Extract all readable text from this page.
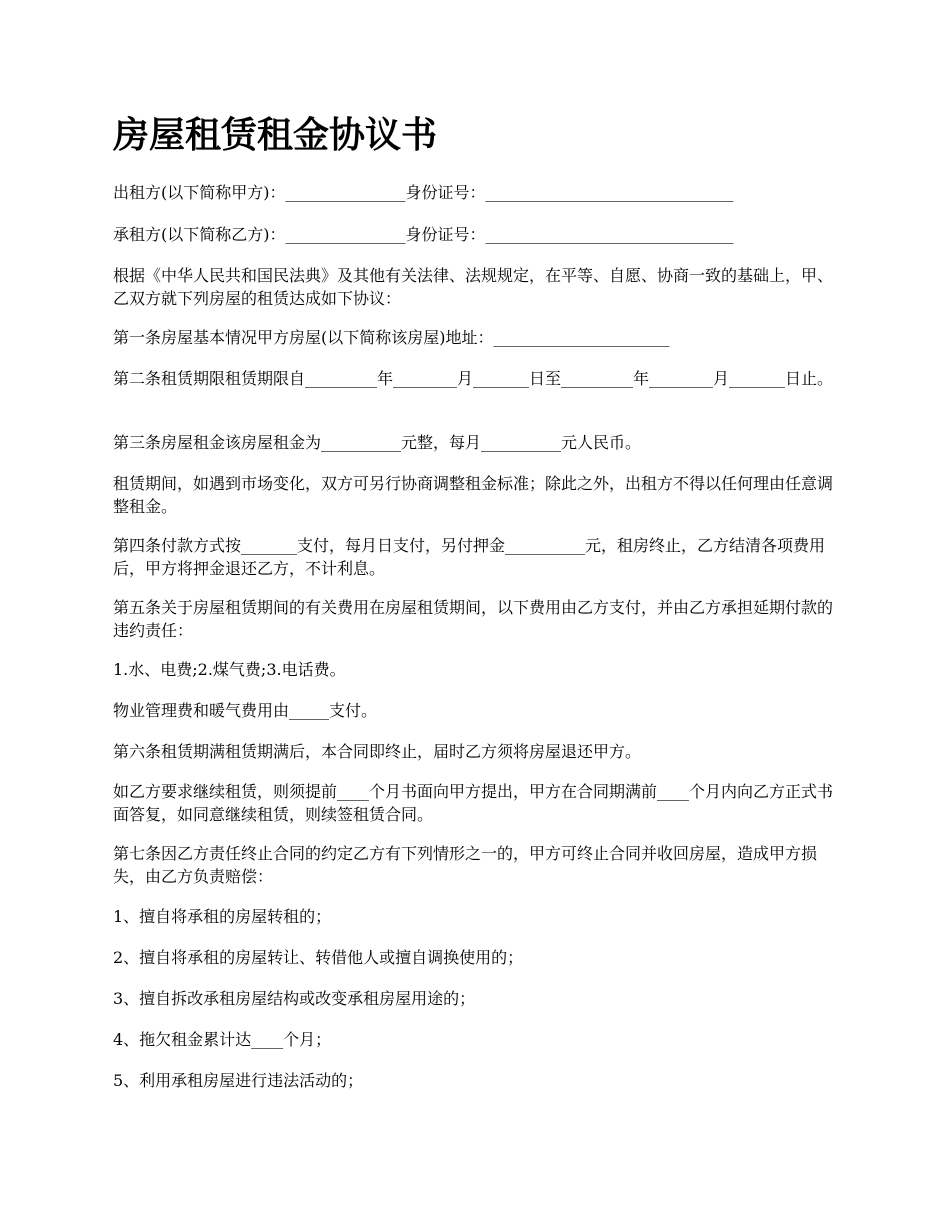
房屋租赁租金协议书

出租方(以下简称甲方)：_______________身份证号：_______________________________

承租方(以下简称乙方)：_______________身份证号：_______________________________

根据《中华人民共和国民法典》及其他有关法律、法规规定，在平等、自愿、协商一致的基础上，甲、乙双方就下列房屋的租赁达成如下协议：

第一条房屋基本情况甲方房屋(以下简称该房屋)地址：______________________

第二条租赁期限租赁期限自_________年________月_______日至_________年________月_______日止。

第三条房屋租金该房屋租金为__________元整，每月__________元人民币。

租赁期间，如遇到市场变化，双方可另行协商调整租金标准；除此之外，出租方不得以任何理由任意调整租金。

第四条付款方式按_______支付，每月日支付，另付押金__________元，租房终止，乙方结清各项费用后，甲方将押金退还乙方，不计利息。

第五条关于房屋租赁期间的有关费用在房屋租赁期间，以下费用由乙方支付，并由乙方承担延期付款的违约责任：

1.水、电费;2.煤气费;3.电话费。

物业管理费和暖气费用由_____支付。

第六条租赁期满租赁期满后，本合同即终止，届时乙方须将房屋退还甲方。

如乙方要求继续租赁，则须提前____个月书面向甲方提出，甲方在合同期满前____个月内向乙方正式书面答复，如同意继续租赁，则续签租赁合同。

第七条因乙方责任终止合同的约定乙方有下列情形之一的，甲方可终止合同并收回房屋，造成甲方损失，由乙方负责赔偿：

1、擅自将承租的房屋转租的；

2、擅自将承租的房屋转让、转借他人或擅自调换使用的；

3、擅自拆改承租房屋结构或改变承租房屋用途的；

4、拖欠租金累计达____个月；

5、利用承租房屋进行违法活动的；
